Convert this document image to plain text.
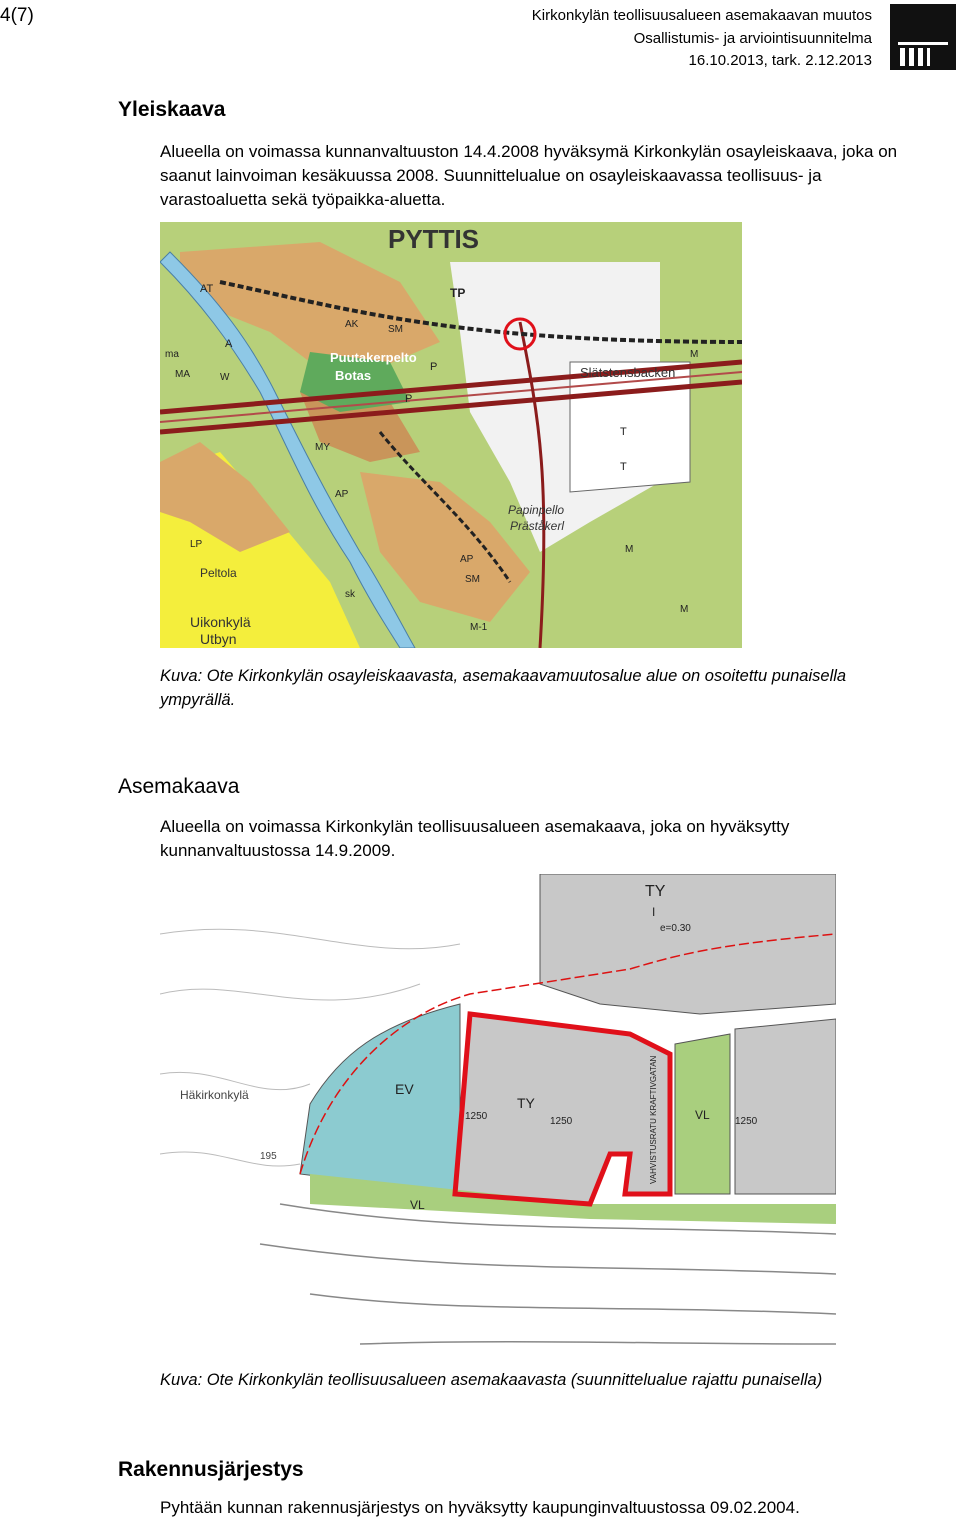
4(7)	Kirkonkylän teollisuusalueen asemakaavan muutos
Osallistumis- ja arviointisuunnitelma
16.10.2013, tark. 2.12.2013
Yleiskaava
Alueella on voimassa kunnanvaltuuston 14.4.2008 hyväksymä Kirkonkylän osayleiskaava, joka on
saanut lainvoiman kesäkuussa 2008. Suunnittelualue on osayleiskaavassa teollisuus- ja
varastoaluetta sekä työpaikka-aluetta.
PYTTIS
TP
AT
A
AK	SM
Puutakerpelto
Botas	Slätstensbacken
P
P
T
T
MA
ma
W
M
M
M
MY
AP
Papinpello
Präståkerl
Peltola
Uikonkylä
Utbyn
sk
LP
AP
SM
M-1
Kuva: Ote Kirkonkylän osayleiskaavasta, asemakaavamuutosalue alue on osoitettu punaisella
ympyrällä.
Asemakaava
Alueella on voimassa Kirkonkylän teollisuusalueen asemakaava, joka on hyväksytty
kunnanvaltuustossa 14.9.2009.
TY
I
e=0.30
EV
TY
VL
VL
1250	1250	1250
Häkirkonkylä
195	VAHVISTUSRATU KRAFTIVGATAN
Kuva: Ote Kirkonkylän teollisuusalueen asemakaavasta (suunnittelualue rajattu punaisella)
Rakennusjärjestys
Pyhtään kunnan rakennusjärjestys on hyväksytty kaupunginvaltuustossa 09.02.2004.
